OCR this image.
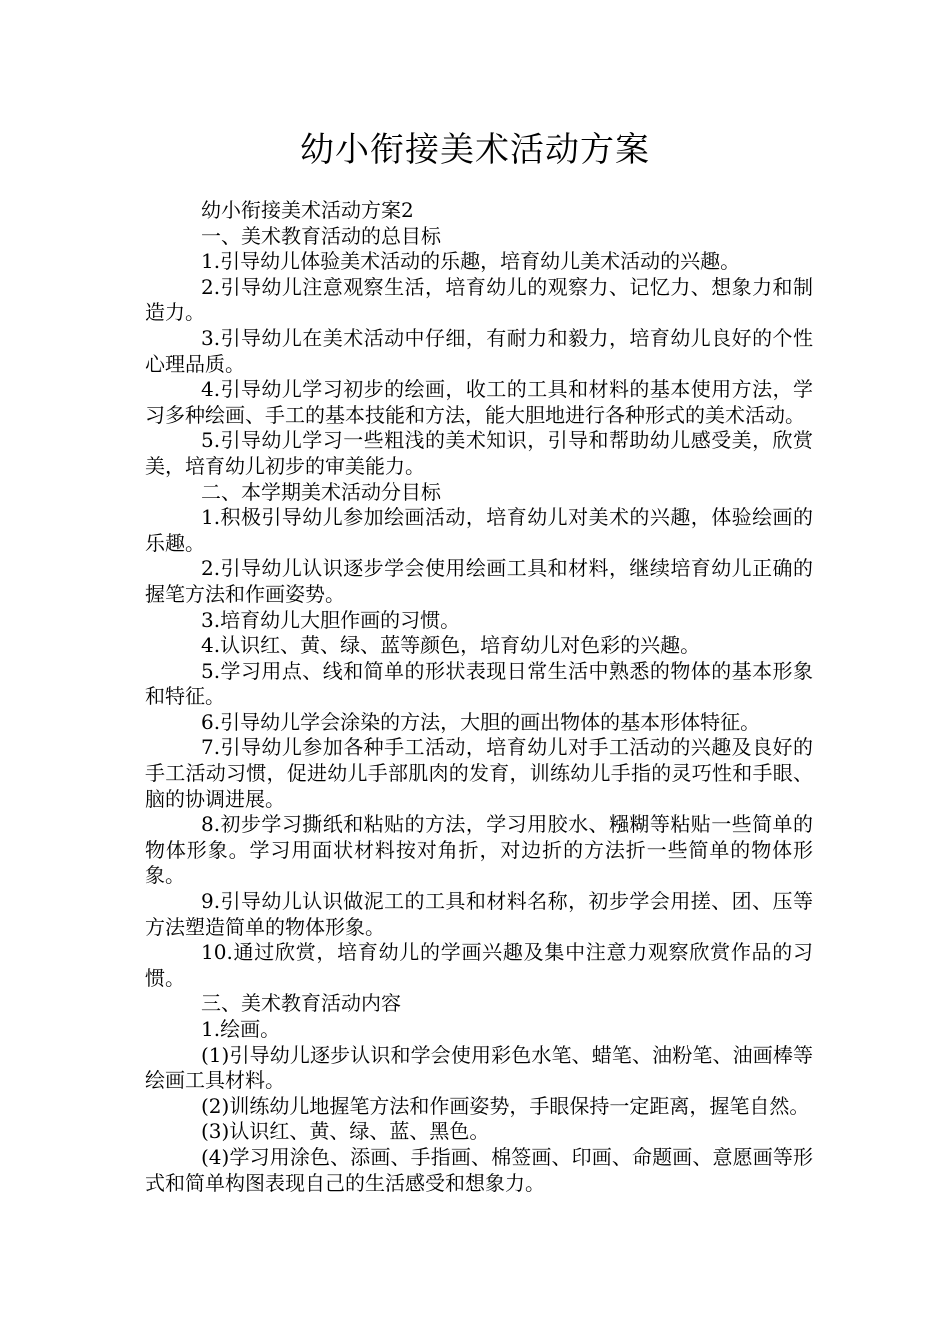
幼小衔接美术活动方案

幼小衔接美术活动方案2

一、美术教育活动的总目标

1.引导幼儿体验美术活动的乐趣，培育幼儿美术活动的兴趣。

2.引导幼儿注意观察生活，培育幼儿的观察力、记忆力、想象力和制造力。

3.引导幼儿在美术活动中仔细，有耐力和毅力，培育幼儿良好的个性心理品质。

4.引导幼儿学习初步的绘画，收工的工具和材料的基本使用方法，学习多种绘画、手工的基本技能和方法，能大胆地进行各种形式的美术活动。

5.引导幼儿学习一些粗浅的美术知识，引导和帮助幼儿感受美，欣赏美，培育幼儿初步的审美能力。

二、本学期美术活动分目标

1.积极引导幼儿参加绘画活动，培育幼儿对美术的兴趣，体验绘画的乐趣。

2.引导幼儿认识逐步学会使用绘画工具和材料，继续培育幼儿正确的握笔方法和作画姿势。

3.培育幼儿大胆作画的习惯。

4.认识红、黄、绿、蓝等颜色，培育幼儿对色彩的兴趣。

5.学习用点、线和简单的形状表现日常生活中熟悉的物体的基本形象和特征。

6.引导幼儿学会涂染的方法，大胆的画出物体的基本形体特征。

7.引导幼儿参加各种手工活动，培育幼儿对手工活动的兴趣及良好的手工活动习惯，促进幼儿手部肌肉的发育，训练幼儿手指的灵巧性和手眼、脑的协调进展。

8.初步学习撕纸和粘贴的方法，学习用胶水、糨糊等粘贴一些简单的物体形象。学习用面状材料按对角折，对边折的方法折一些简单的物体形象。

9.引导幼儿认识做泥工的工具和材料名称，初步学会用搓、团、压等方法塑造简单的物体形象。

10.通过欣赏，培育幼儿的学画兴趣及集中注意力观察欣赏作品的习惯。

三、美术教育活动内容

1.绘画。

(1)引导幼儿逐步认识和学会使用彩色水笔、蜡笔、油粉笔、油画棒等绘画工具材料。

(2)训练幼儿地握笔方法和作画姿势，手眼保持一定距离，握笔自然。

(3)认识红、黄、绿、蓝、黑色。

(4)学习用涂色、添画、手指画、棉签画、印画、命题画、意愿画等形式和简单构图表现自己的生活感受和想象力。
